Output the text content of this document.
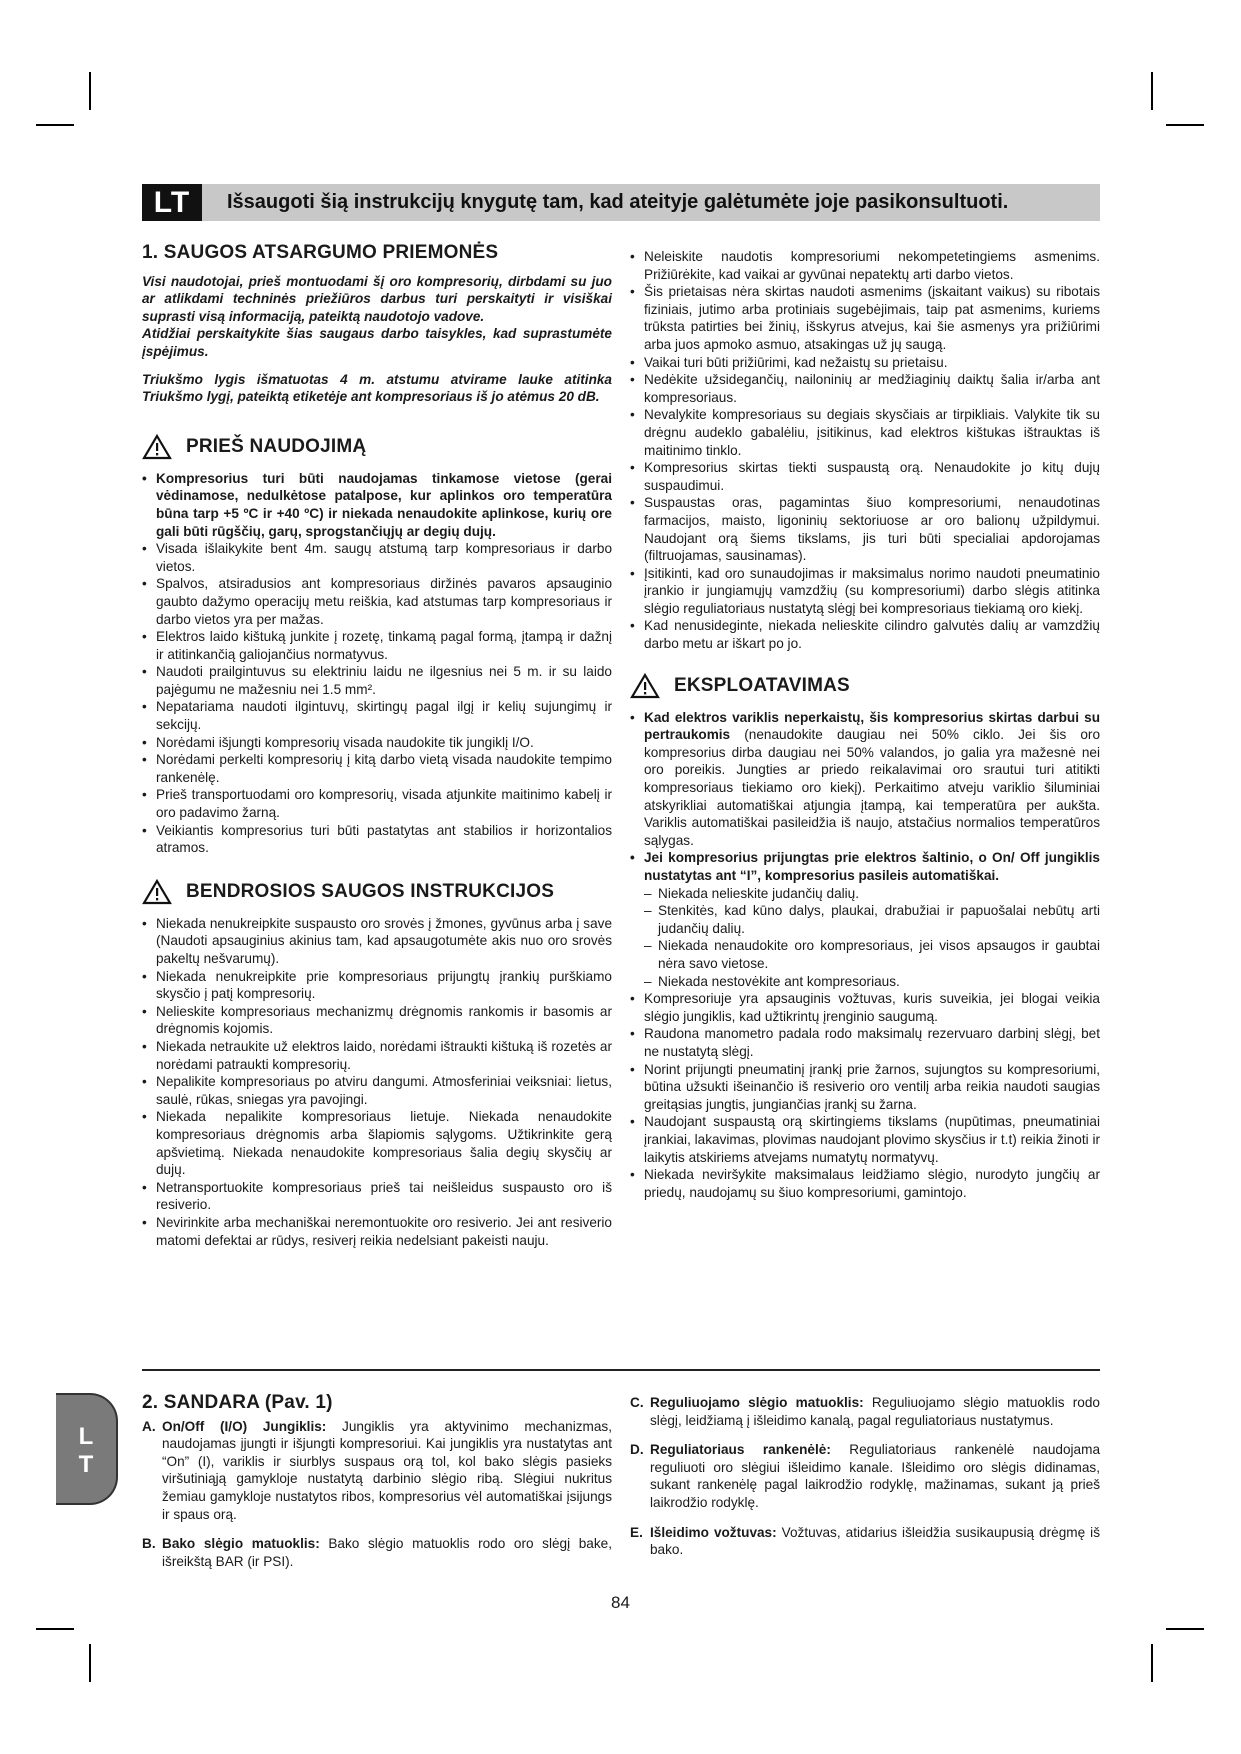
LT	Išsaugoti šią instrukcijų knygutę tam, kad ateityje galėtumėte joje pasikonsultuoti.
1. SAUGOS ATSARGUMO PRIEMONĖS

Visi naudotojai, prieš montuodami šį oro kompresorių, dirbdami su juo ar atlikdami techninės priežiūros darbus turi perskaityti ir visiškai suprasti visą informaciją, pateiktą naudotojo vadove.

Atidžiai perskaitykite šias saugaus darbo taisykles, kad suprastumėte įspėjimus.

Triukšmo lygis išmatuotas 4 m. atstumu atvirame lauke atitinka Triukšmo lygį, pateiktą etiketėje ant kompresoriaus iš jo atėmus 20 dB.

PRIEŠ NAUDOJIMĄ
• Kompresorius turi būti naudojamas tinkamose vietose (gerai vėdinamose, nedulkėtose patalpose, kur aplinkos oro temperatūra būna tarp +5 ºC ir +40 ºC) ir niekada nenaudokite aplinkose, kurių ore gali būti rūgščių, garų, sprogstančiųjų ar degių dujų.
• Visada išlaikykite bent 4m. saugų atstumą tarp kompresoriaus ir darbo vietos.
• Spalvos, atsiradusios ant kompresoriaus diržinės pavaros apsauginio gaubto dažymo operacijų metu reiškia, kad atstumas tarp kompresoriaus ir darbo vietos yra per mažas.
• Elektros laido kištuką junkite į rozetę, tinkamą pagal formą, įtampą ir dažnį ir atitinkančią galiojančius normatyvus.
• Naudoti prailgintuvus su elektriniu laidu ne ilgesnius nei 5 m. ir su laido pajėgumu ne mažesniu nei 1.5 mm².
• Nepatariama naudoti ilgintuvų, skirtingų pagal ilgį ir kelių sujungimų ir sekcijų.
• Norėdami išjungti kompresorių visada naudokite tik jungiklį I/O.
• Norėdami perkelti kompresorių į kitą darbo vietą visada naudokite tempimo rankenėlę.
• Prieš transportuodami oro kompresorių, visada atjunkite maitinimo kabelį ir oro padavimo žarną.
• Veikiantis kompresorius turi būti pastatytas ant stabilios ir horizontalios atramos.
BENDROSIOS SAUGOS INSTRUKCIJOS
• Niekada nenukreipkite suspausto oro srovės į žmones, gyvūnus arba į save (Naudoti apsauginius akinius tam, kad apsaugotumėte akis nuo oro srovės pakeltų nešvarumų).
• Niekada nenukreipkite prie kompresoriaus prijungtų įrankių purškiamo skysčio į patį kompresorių.
• Nelieskite kompresoriaus mechanizmų drėgnomis rankomis ir basomis ar drėgnomis kojomis.
• Niekada netraukite už elektros laido, norėdami ištraukti kištuką iš rozetės ar norėdami patraukti kompresorių.
• Nepalikite kompresoriaus po atviru dangumi. Atmosferiniai veiksniai: lietus, saulė, rūkas, sniegas yra pavojingi.
• Niekada nepalikite kompresoriaus lietuje. Niekada nenaudokite kompresoriaus drėgnomis arba šlapiomis sąlygoms. Užtikrinkite gerą apšvietimą. Niekada nenaudokite kompresoriaus šalia degių skysčių ar dujų.
• Netransportuokite kompresoriaus prieš tai neišleidus suspausto oro iš resiverio.
• Nevirinkite arba mechaniškai neremontuokite oro resiverio. Jei ant resiverio matomi defektai ar rūdys, resiverį reikia nedelsiant pakeisti nauju.
• Neleiskite naudotis kompresoriumi nekompetetingiems asmenims. Prižiūrėkite, kad vaikai ar gyvūnai nepatektų arti darbo vietos.
• Šis prietaisas nėra skirtas naudoti asmenims (įskaitant vaikus) su ribotais fiziniais, jutimo arba protiniais sugebėjimais, taip pat asmenims, kuriems trūksta patirties bei žinių, išskyrus atvejus, kai šie asmenys yra prižiūrimi arba juos apmoko asmuo, atsakingas už jų saugą.
• Vaikai turi būti prižiūrimi, kad nežaistų su prietaisu.
• Nedėkite užsidegančių, nailoninių ar medžiaginių daiktų šalia ir/arba ant kompresoriaus.
• Nevalykite kompresoriaus su degiais skysčiais ar tirpikliais. Valykite tik su drėgnu audeklo gabalėliu, įsitikinus, kad elektros kištukas ištrauktas iš maitinimo tinklo.
• Kompresorius skirtas tiekti suspaustą orą. Nenaudokite jo kitų dujų suspaudimui.
• Suspaustas oras, pagamintas šiuo kompresoriumi, nenaudotinas farmacijos, maisto, ligoninių sektoriuose ar oro balionų užpildymui. Naudojant orą šiems tikslams, jis turi būti specialiai apdorojamas (filtruojamas, sausinamas).
• Įsitikinti, kad oro sunaudojimas ir maksimalus norimo naudoti pneumatinio įrankio ir jungiamųjų vamzdžių (su kompresoriumi) darbo slėgis atitinka slėgio reguliatoriaus nustatytą slėgį bei kompresoriaus tiekiamą oro kiekį.
• Kad nenusideginte, niekada nelieskite cilindro galvutės dalių ar vamzdžių darbo metu ar iškart po jo.
EKSPLOATAVIMAS
• Kad elektros variklis neperkaistų, šis kompresorius skirtas darbui su pertraukomis (nenaudokite daugiau nei 50% ciklo. Jei šis oro kompresorius dirba daugiau nei 50% valandos, jo galia yra mažesnė nei oro poreikis. Jungties ar priedo reikalavimai oro srautui turi atitikti kompresoriaus tiekiamo oro kiekį). Perkaitimo atveju variklio šiluminiai atskyrikliai automatiškai atjungia įtampą, kai temperatūra per aukšta. Variklis automatiškai pasileidžia iš naujo, atstačius normalios temperatūros sąlygas.
• Jei kompresorius prijungtas prie elektros šaltinio, o On/ Off jungiklis nustatytas ant “I”, kompresorius pasileis automatiškai.
– Niekada nelieskite judančių dalių.
– Stenkitės, kad kūno dalys, plaukai, drabužiai ir papuošalai nebūtų arti judančių dalių.
– Niekada nenaudokite oro kompresoriaus, jei visos apsaugos ir gaubtai nėra savo vietose.
– Niekada nestovėkite ant kompresoriaus.
• Kompresoriuje yra apsauginis vožtuvas, kuris suveikia, jei blogai veikia slėgio jungiklis, kad užtikrintų įrenginio saugumą.
• Raudona manometro padala rodo maksimalų rezervuaro darbinį slėgį, bet ne nustatytą slėgį.
• Norint prijungti pneumatinį įrankį prie žarnos, sujungtos su kompresoriumi, būtina užsukti išeinančio iš resiverio oro ventilį arba reikia naudoti saugias greitąsias jungtis, jungiančias įrankį su žarna.
• Naudojant suspaustą orą skirtingiems tikslams (nupūtimas, pneumatiniai įrankiai, lakavimas, plovimas naudojant plovimo skysčius ir t.t) reikia žinoti ir laikytis atskiriems atvejams numatytų normatyvų.
• Niekada neviršykite maksimalaus leidžiamo slėgio, nurodyto jungčių ar priedų, naudojamų su šiuo kompresoriumi, gamintojo.
L
T
2. SANDARA (Pav. 1)
A. On/Off (I/O) Jungiklis: Jungiklis yra aktyvinimo mechanizmas, naudojamas įjungti ir išjungti kompresoriui. Kai jungiklis yra nustatytas ant “On” (I), variklis ir siurblys suspaus orą tol, kol bako slėgis pasieks viršutiniąją gamykloje nustatytą darbinio slėgio ribą. Slėgiui nukritus žemiau gamykloje nustatytos ribos, kompresorius vėl automatiškai įsijungs ir spaus orą.
B. Bako slėgio matuoklis: Bako slėgio matuoklis rodo oro slėgį bake, išreikštą BAR (ir PSI).
C. Reguliuojamo slėgio matuoklis: Reguliuojamo slėgio matuoklis rodo slėgį, leidžiamą į išleidimo kanalą, pagal reguliatoriaus nustatymus.
D. Reguliatoriaus rankenėlė: Reguliatoriaus rankenėlė naudojama reguliuoti oro slėgiui išleidimo kanale. Išleidimo oro slėgis didinamas, sukant rankenėlę pagal laikrodžio rodyklę, mažinamas, sukant ją prieš laikrodžio rodyklę.
E. Išleidimo vožtuvas: Vožtuvas, atidarius išleidžia susikaupusią drėgmę iš bako.
84
